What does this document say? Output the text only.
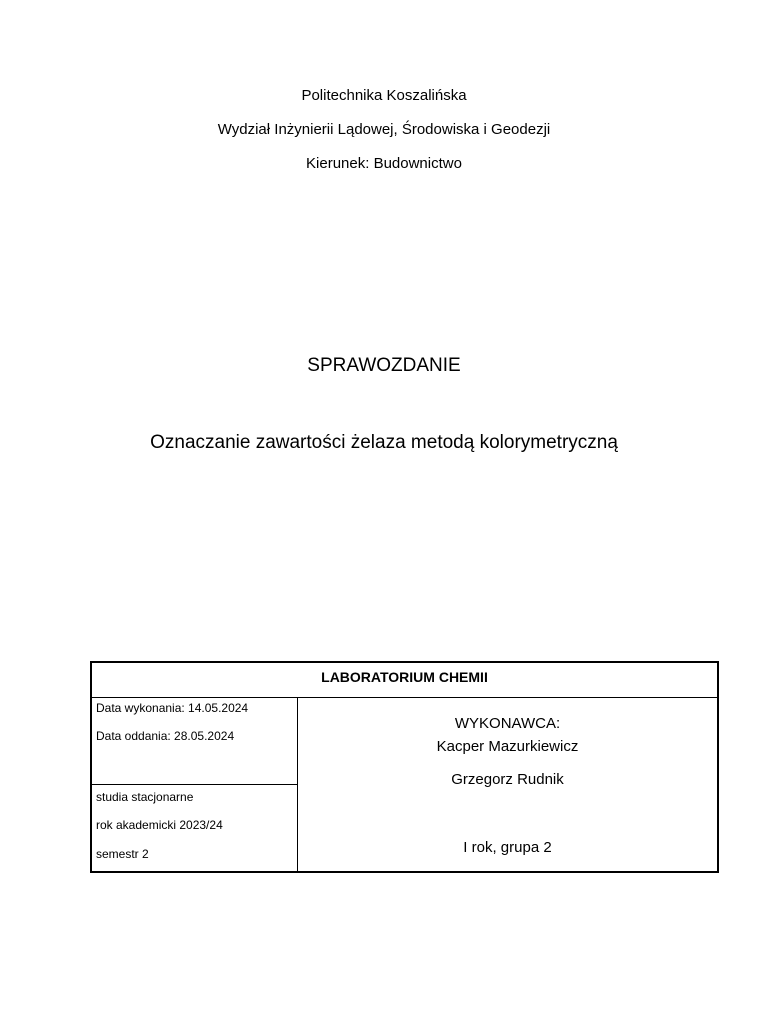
Politechnika Koszalińska
Wydział Inżynierii Lądowej, Środowiska i Geodezji
Kierunek: Budownictwo
SPRAWOZDANIE
Oznaczanie zawartości żelaza metodą kolorymetryczną
LABORATORIUM CHEMII
Data wykonania: 14.05.2024
Data oddania: 28.05.2024
studia stacjonarne
rok akademicki 2023/24
semestr 2
WYKONAWCA:
Kacper Mazurkiewicz
Grzegorz Rudnik
I rok, grupa 2
